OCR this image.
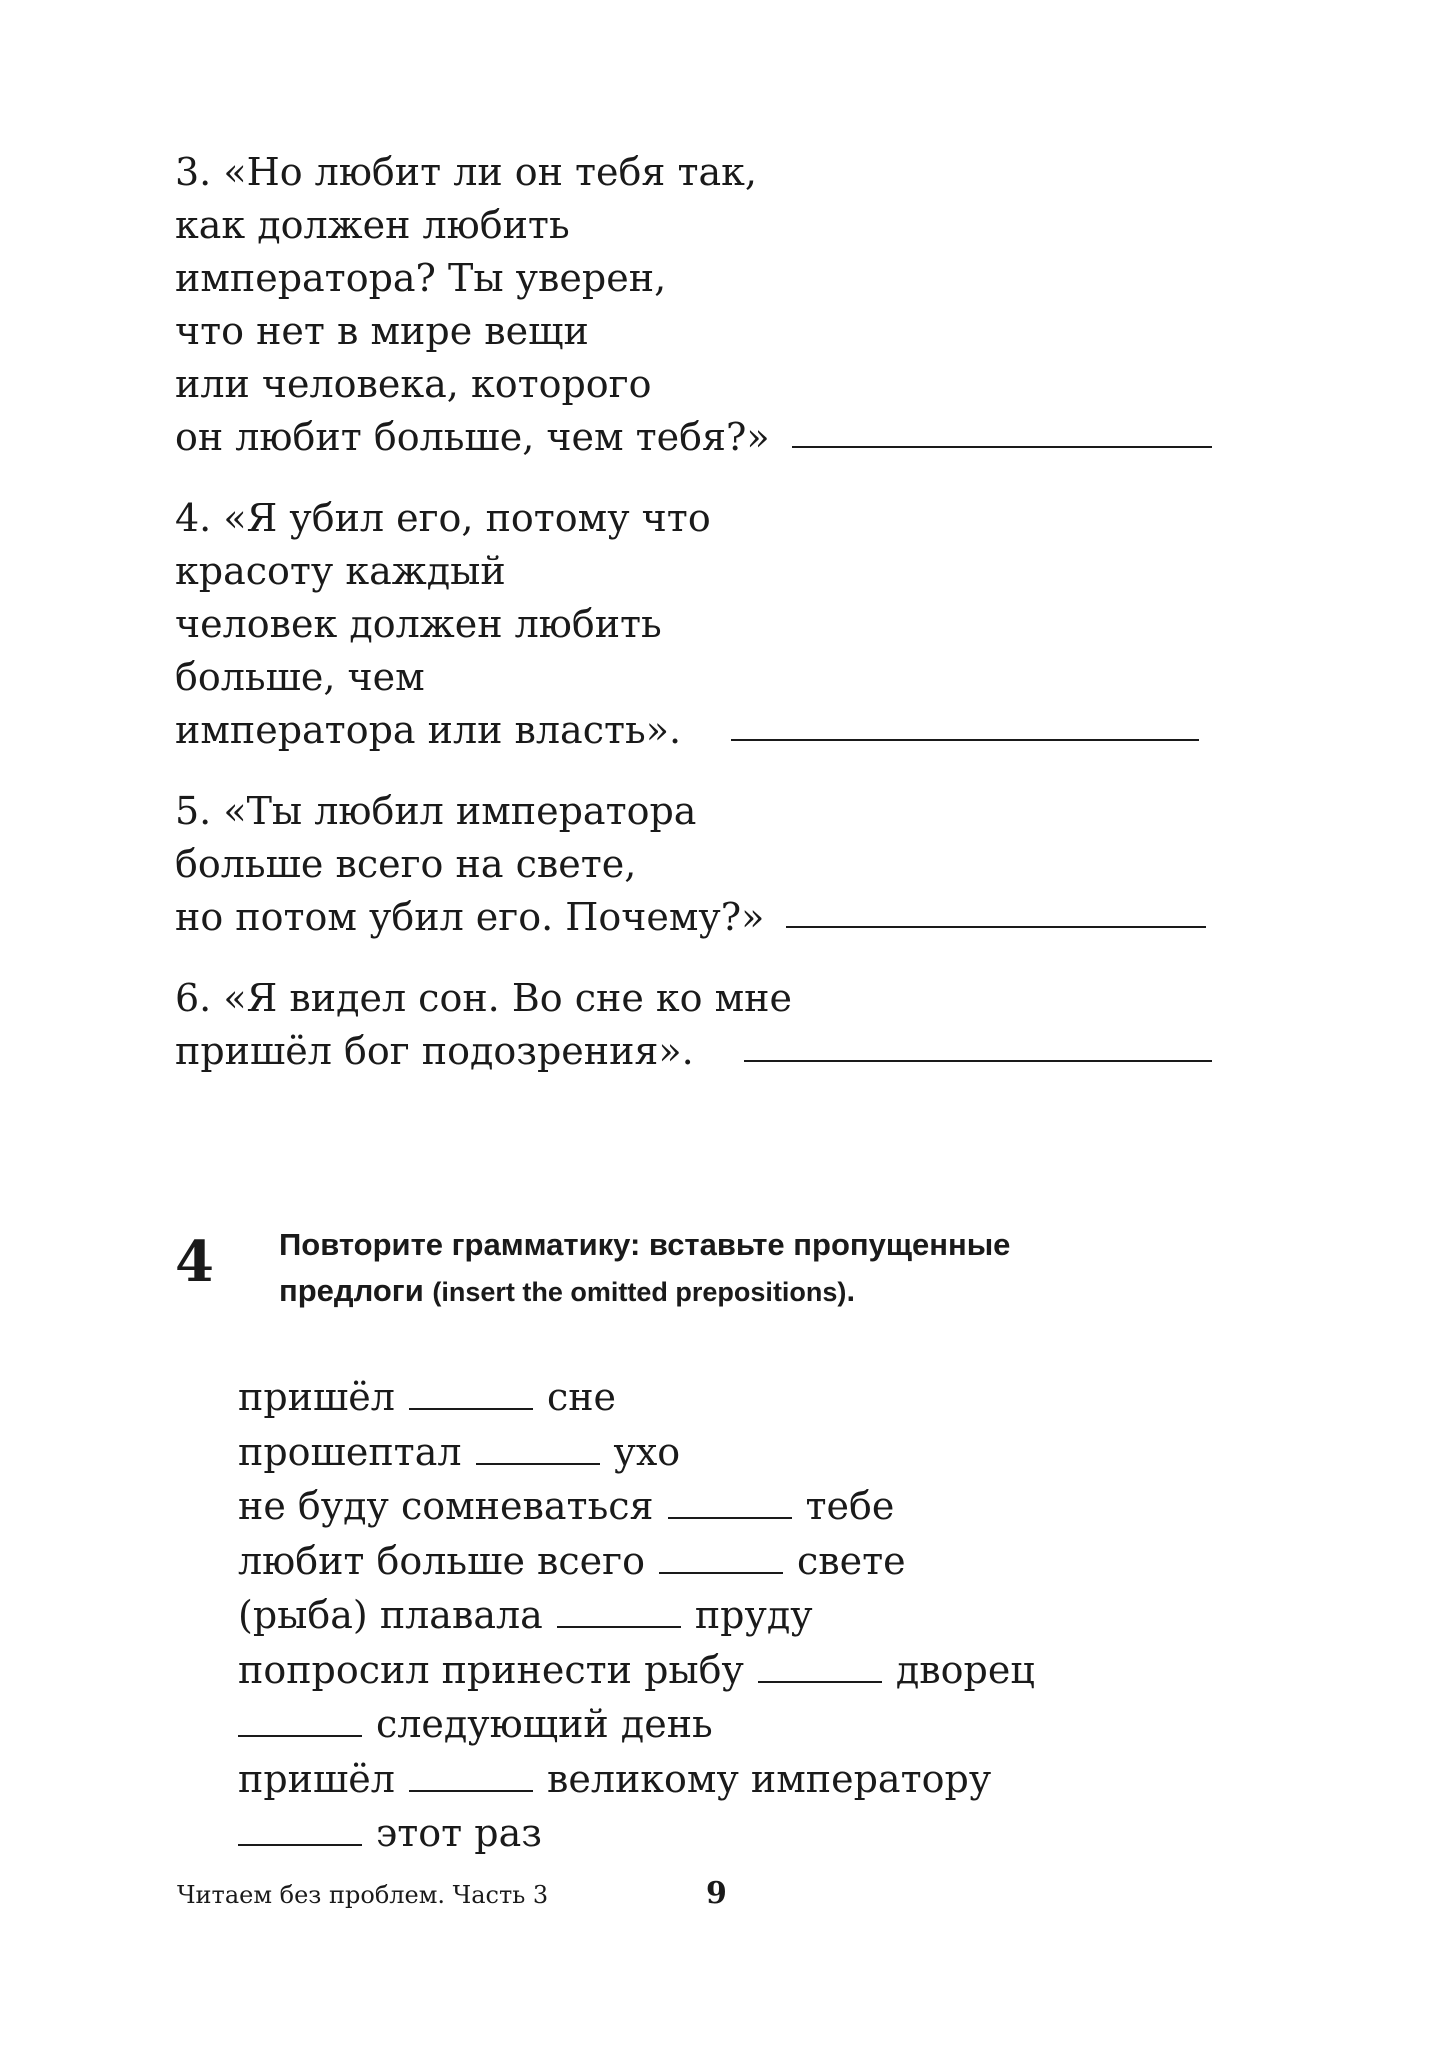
3. «Но любит ли он тебя так,
как должен любить
императора? Ты уверен,
что нет в мире вещи
или человека, которого
он любит больше, чем тебя?»
4. «Я убил его, потому что
красоту каждый
человек должен любить
больше, чем
императора или власть».
5. «Ты любил императора
больше всего на свете,
но потом убил его. Почему?»
6. «Я видел сон. Во сне ко мне
пришёл бог подозрения».
4 Повторите грамматику: вставьте пропущенные
предлоги (insert the omitted prepositions).
пришёл	сне
прошептал	ухо
не буду сомневаться	тебе
любит больше всего	свете
(рыба) плавала	пруду
попросил принести рыбу	дворец
следующий день
пришёл	великому императору
этот раз
Читаем без проблем. Часть 3	9
